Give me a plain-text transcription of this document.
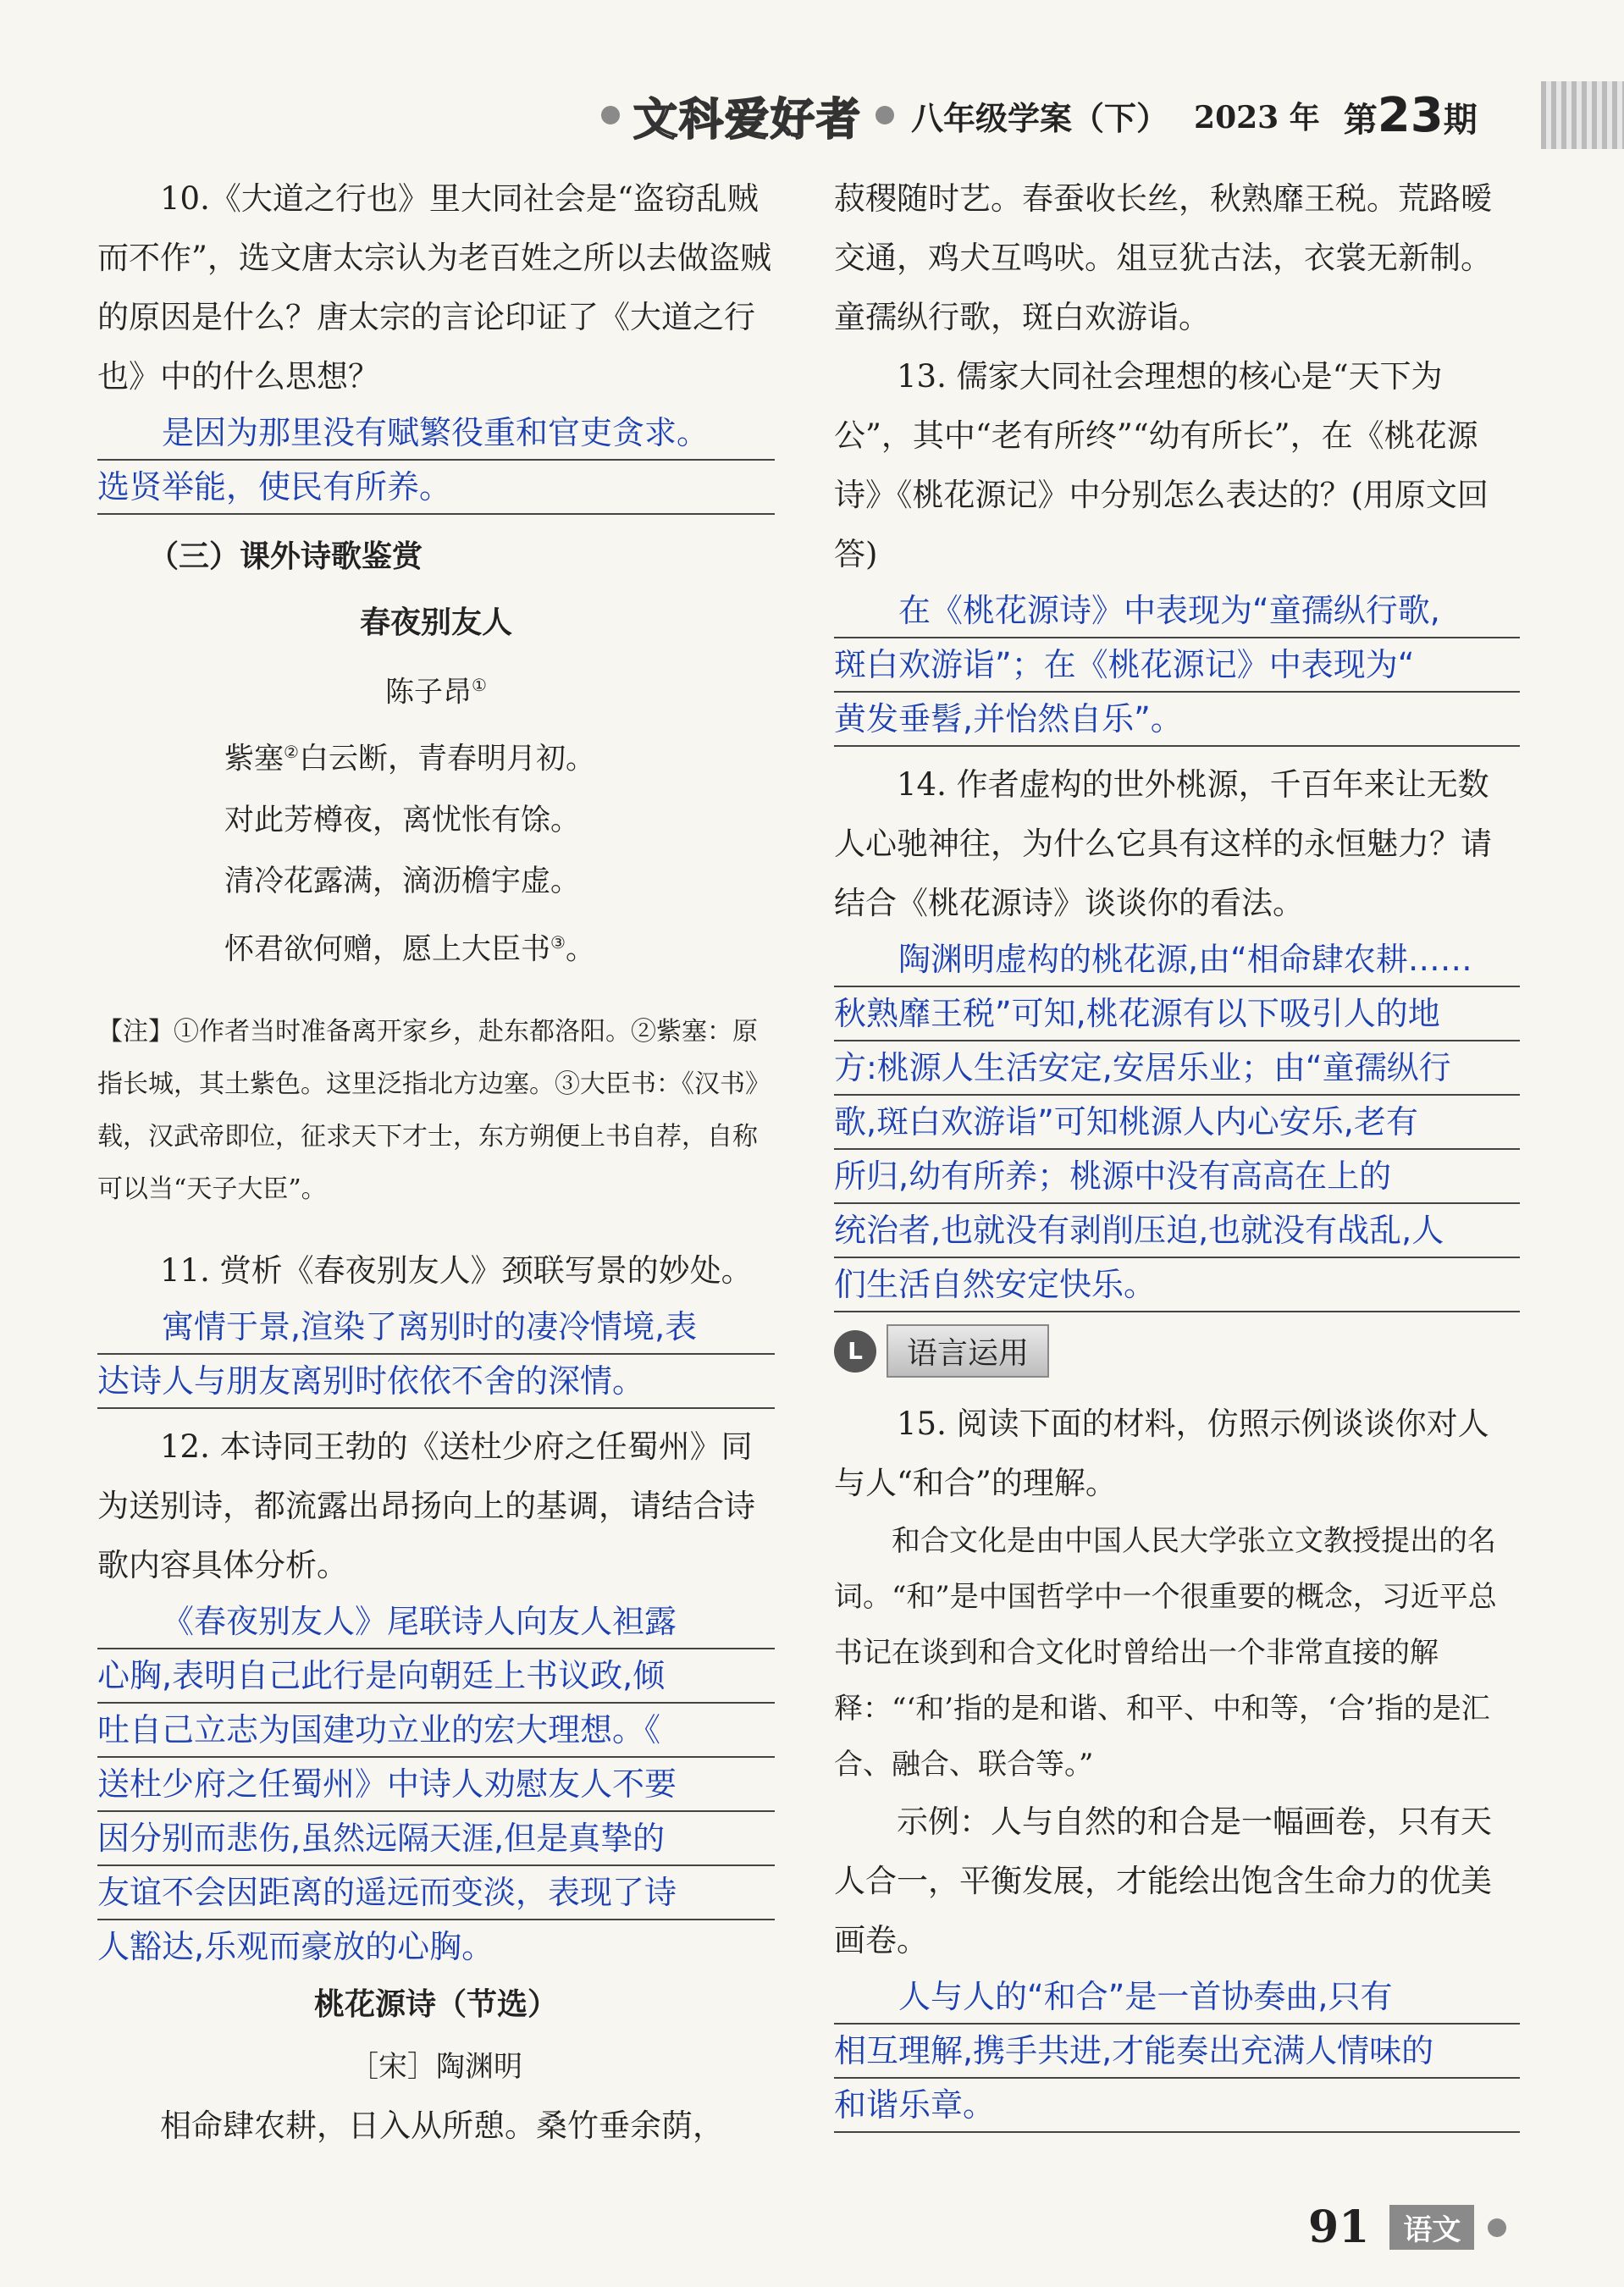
文科爱好者 八年级学案（下） 2023 年 第23期

10.《大道之行也》里大同社会是“盗窃乱贼而不作”，选文唐太宗认为老百姓之所以去做盗贼的原因是什么？唐太宗的言论印证了《大道之行也》中的什么思想？

是因为那里没有赋繁役重和官吏贪求。
选贤举能，使民有所养。
（三）课外诗歌鉴赏
春夜别友人
陈子昂①
紫塞②白云断，青春明月初。
对此芳樽夜，离忧怅有馀。
清冷花露满，滴沥檐宇虚。
怀君欲何赠，愿上大臣书③。

【注】①作者当时准备离开家乡，赴东都洛阳。②紫塞：原指长城，其土紫色。这里泛指北方边塞。③大臣书：《汉书》载，汉武帝即位，征求天下才士，东方朔便上书自荐，自称可以当“天子大臣”。

11. 赏析《春夜别友人》颈联写景的妙处。

寓情于景,渲染了离别时的凄冷情境,表
达诗人与朋友离别时依依不舍的深情。

12. 本诗同王勃的《送杜少府之任蜀州》同为送别诗，都流露出昂扬向上的基调，请结合诗歌内容具体分析。

《春夜别友人》尾联诗人向友人袒露
心胸,表明自己此行是向朝廷上书议政,倾
吐自己立志为国建功立业的宏大理想。《
送杜少府之任蜀州》中诗人劝慰友人不要
因分别而悲伤,虽然远隔天涯,但是真挚的
友谊不会因距离的遥远而变淡，表现了诗
人豁达,乐观而豪放的心胸。
桃花源诗（节选）
［宋］陶渊明

相命肆农耕，日入从所憩。桑竹垂余荫，

菽稷随时艺。春蚕收长丝，秋熟靡王税。荒路暧交通，鸡犬互鸣吠。俎豆犹古法，衣裳无新制。童孺纵行歌，斑白欢游诣。

13. 儒家大同社会理想的核心是“天下为公”，其中“老有所终”“幼有所长”，在《桃花源诗》《桃花源记》中分别怎么表达的？(用原文回答)

在《桃花源诗》中表现为“童孺纵行歌,
斑白欢游诣”；在《桃花源记》中表现为“
黄发垂髫,并怡然自乐”。

14. 作者虚构的世外桃源，千百年来让无数人心驰神往，为什么它具有这样的永恒魅力？请结合《桃花源诗》谈谈你的看法。

陶渊明虚构的桃花源,由“相命肆农耕……
秋熟靡王税”可知,桃花源有以下吸引人的地
方:桃源人生活安定,安居乐业；由“童孺纵行
歌,斑白欢游诣”可知桃源人内心安乐,老有
所归,幼有所养；桃源中没有高高在上的
统治者,也就没有剥削压迫,也就没有战乱,人
们生活自然安定快乐。
L	语言运用

15. 阅读下面的材料，仿照示例谈谈你对人与人“和合”的理解。

和合文化是由中国人民大学张立文教授提出的名词。“和”是中国哲学中一个很重要的概念，习近平总书记在谈到和合文化时曾给出一个非常直接的解释：“‘和’指的是和谐、和平、中和等，‘合’指的是汇合、融合、联合等。”

示例：人与自然的和合是一幅画卷，只有天人合一，平衡发展，才能绘出饱含生命力的优美画卷。

人与人的“和合”是一首协奏曲,只有
相互理解,携手共进,才能奏出充满人情味的
和谐乐章。
91	语文
